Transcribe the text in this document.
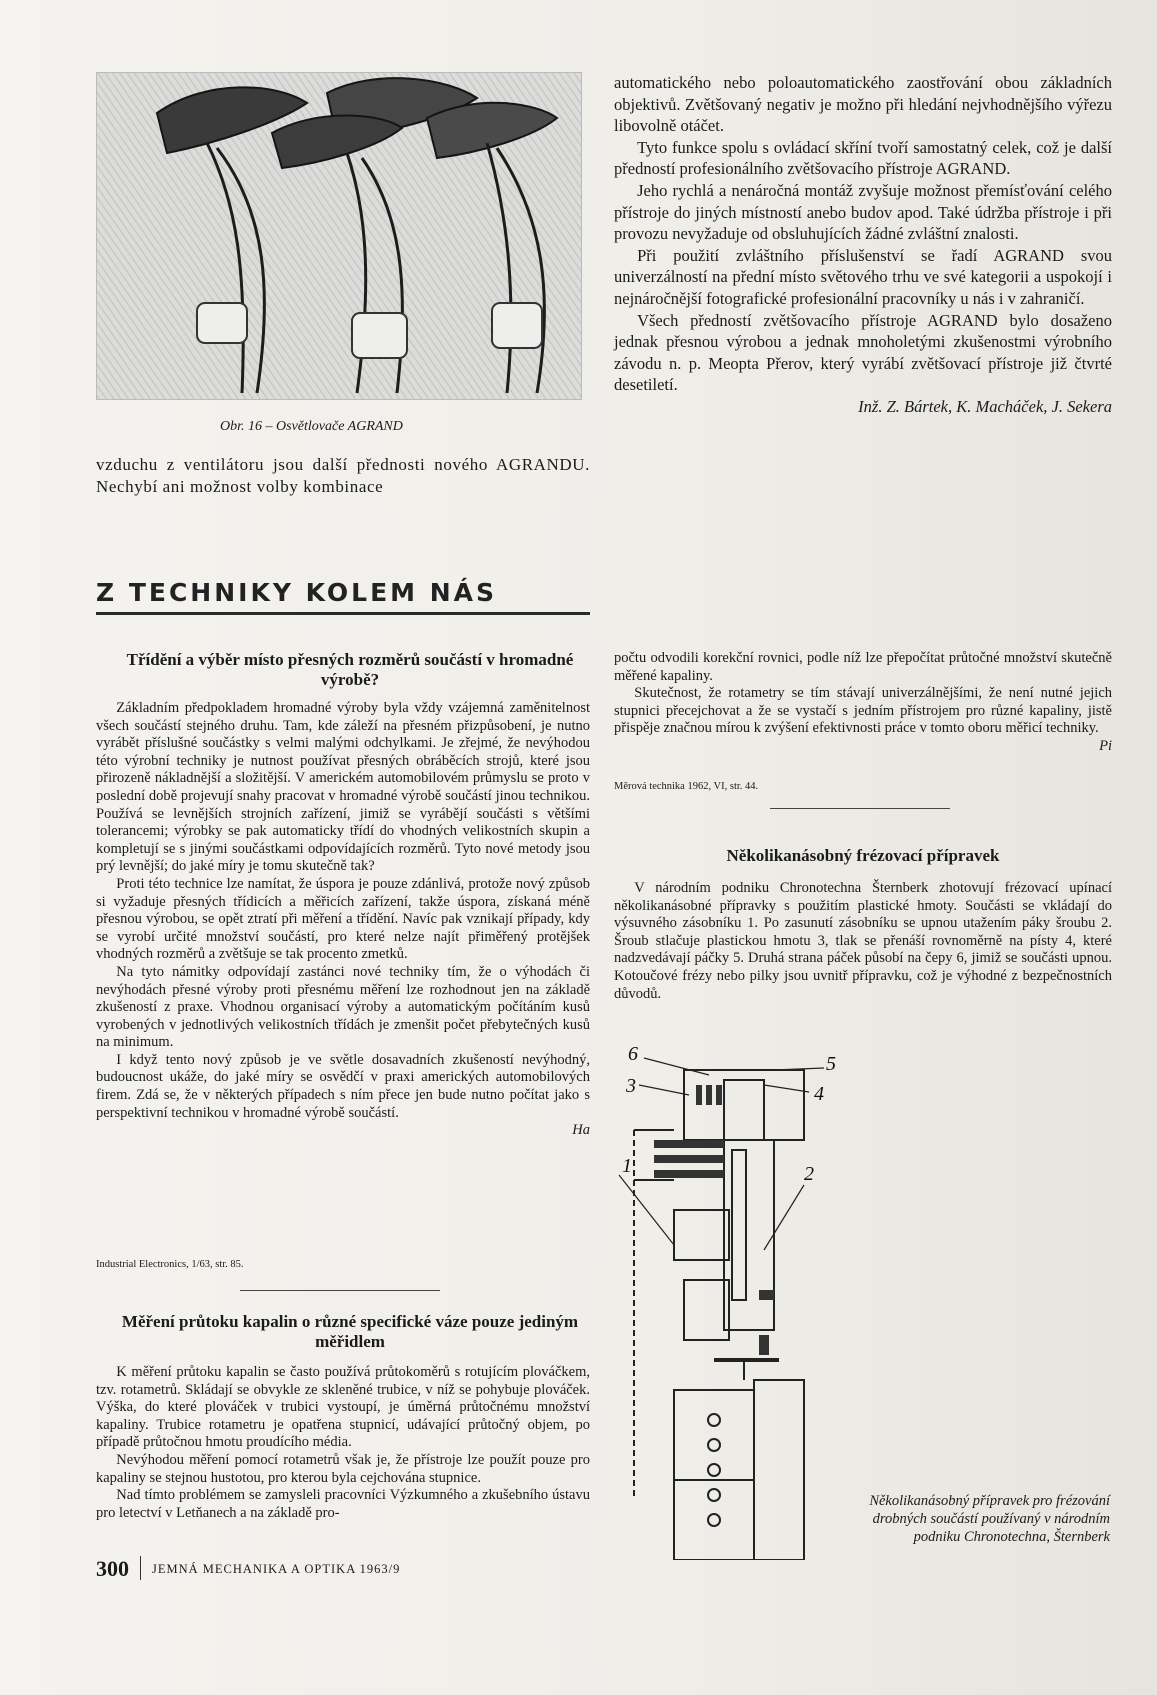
Obr. 16 – Osvětlovače AGRAND

vzduchu z ventilátoru jsou další přednosti nového AGRANDU. Nechybí ani možnost volby kombinace

automatického nebo poloautomatického zaostřování obou základních objektivů. Zvětšovaný negativ je možno při hledání nejvhodnějšího výřezu libovolně otáčet.

Tyto funkce spolu s ovládací skříní tvoří samostatný celek, což je další předností profesionálního zvětšovacího přístroje AGRAND.

Jeho rychlá a nenáročná montáž zvyšuje možnost přemísťování celého přístroje do jiných místností anebo budov apod. Také údržba přístroje i při provozu nevyžaduje od obsluhujících žádné zvláštní znalosti.

Při použití zvláštního příslušenství se řadí AGRAND svou univerzálností na přední místo světového trhu ve své kategorii a uspokojí i nejnáročnější fotografické profesionální pracovníky u nás i v zahraničí.

Všech předností zvětšovacího přístroje AGRAND bylo dosaženo jednak přesnou výrobou a jednak mnoholetými zkušenostmi výrobního závodu n. p. Meopta Přerov, který vyrábí zvětšovací přístroje již čtvrté desetiletí.

Inž. Z. Bártek, K. Macháček, J. Sekera

Z TECHNIKY KOLEM NÁS
Třídění a výběr místo přesných rozměrů součástí v hromadné výrobě?

Základním předpokladem hromadné výroby byla vždy vzájemná zaměnitelnost všech součástí stejného druhu. Tam, kde záleží na přesném přizpůsobení, je nutno vyrábět příslušné součástky s velmi malými odchylkami. Je zřejmé, že nevýhodou této výrobní techniky je nutnost používat přesných obráběcích strojů, které jsou přirozeně nákladnější a složitější. V americkém automobilovém průmyslu se proto v poslední době projevují snahy pracovat v hromadné výrobě součástí jinou technikou. Používá se levnějších strojních zařízení, jimiž se vyrábějí součásti s většími tolerancemi; výrobky se pak automaticky třídí do vhodných velikostních skupin a kompletují se s jinými součástkami odpovídajících rozměrů. Tyto nové metody jsou prý levnější; do jaké míry je tomu skutečně tak?

Proti této technice lze namítat, že úspora je pouze zdánlivá, protože nový způsob si vyžaduje přesných třídicích a měřicích zařízení, takže úspora, získaná méně přesnou výrobou, se opět ztratí při měření a třídění. Navíc pak vznikají případy, kdy se vyrobí určité množství součástí, pro které nelze najít přiměřený protějšek vhodných rozměrů a zvětšuje se tak procento zmetků.

Na tyto námitky odpovídají zastánci nové techniky tím, že o výhodách či nevýhodách přesné výroby proti přesnému měření lze rozhodnout jen na základě zkušeností z praxe. Vhodnou organisací výroby a automatickým počítáním kusů vyrobených v jednotlivých velikostních třídách je zmenšit počet přebytečných kusů na minimum.

I když tento nový způsob je ve světle dosavadních zkušeností nevýhodný, budoucnost ukáže, do jaké míry se osvědčí v praxi amerických automobilových firem. Zdá se, že v některých případech s ním přece jen bude nutno počítat jako s perspektivní technikou v hromadné výrobě součástí.

Ha

Industrial Electronics, 1/63, str. 85.
Měření průtoku kapalin o různé specifické váze pouze jediným měřidlem

K měření průtoku kapalin se často používá průtokoměrů s rotujícím plováčkem, tzv. rotametrů. Skládají se obvykle ze skleněné trubice, v níž se pohybuje plováček. Výška, do které plováček v trubici vystoupí, je úměrná průtočnému množství kapaliny. Trubice rotametru je opatřena stupnicí, udávající průtočný objem, po případě průtočnou hmotu proudícího média.

Nevýhodou měření pomocí rotametrů však je, že přístroje lze použít pouze pro kapaliny se stejnou hustotou, pro kterou byla cejchována stupnice.

Nad tímto problémem se zamysleli pracovníci Výzkumného a zkušebního ústavu pro letectví v Letňanech a na základě pro-

počtu odvodili korekční rovnici, podle níž lze přepočítat průtočné množství skutečně měřené kapaliny.

Skutečnost, že rotametry se tím stávají univerzálnějšími, že není nutné jejich stupnici přecejchovat a že se vystačí s jedním přístrojem pro různé kapaliny, jistě přispěje značnou mírou k zvýšení efektivnosti práce v tomto oboru měřicí techniky.

Pi

Měrová technika 1962, VI, str. 44.
Několikanásobný frézovací přípravek

V národním podniku Chronotechna Šternberk zhotovují frézovací upínací několikanásobné přípravky s použitím plastické hmoty. Součásti se vkládají do výsuvného zásobníku 1. Po zasunutí zásobníku se upnou utažením páky šroubu 2. Šroub stlačuje plastickou hmotu 3, tlak se přenáší rovnoměrně na písty 4, které nadzvedávají páčky 5. Druhá strana páček působí na čepy 6, jimiž se součásti upnou. Kotoučové frézy nebo pilky jsou uvnitř přípravku, což je výhodné z bezpečnostních důvodů.

6	5
3	4
1	2
Několikanásobný přípravek pro frézování drobných součástí používaný v národním podniku Chronotechna, Šternberk
300 JEMNÁ MECHANIKA A OPTIKA 1963/9
